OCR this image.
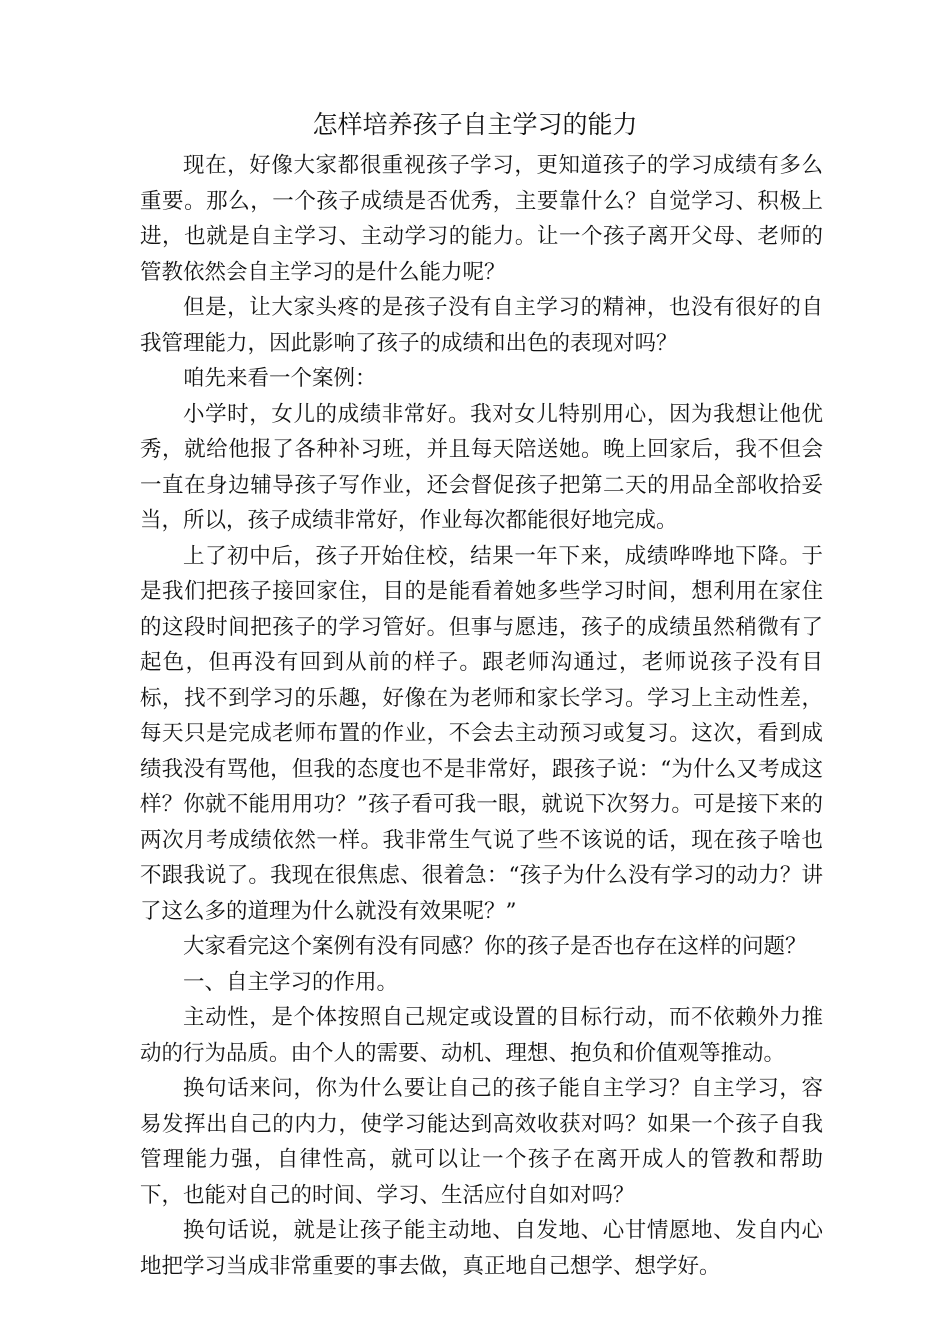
怎样培养孩子自主学习的能力

现在，好像大家都很重视孩子学习，更知道孩子的学习成绩有多么重要。那么，一个孩子成绩是否优秀，主要靠什么？自觉学习、积极上进，也就是自主学习、主动学习的能力。让一个孩子离开父母、老师的管教依然会自主学习的是什么能力呢？

但是，让大家头疼的是孩子没有自主学习的精神，也没有很好的自我管理能力，因此影响了孩子的成绩和出色的表现对吗？

咱先来看一个案例：

小学时，女儿的成绩非常好。我对女儿特别用心，因为我想让他优秀，就给他报了各种补习班，并且每天陪送她。晚上回家后，我不但会一直在身边辅导孩子写作业，还会督促孩子把第二天的用品全部收拾妥当，所以，孩子成绩非常好，作业每次都能很好地完成。

上了初中后，孩子开始住校，结果一年下来，成绩哗哗地下降。于是我们把孩子接回家住，目的是能看着她多些学习时间，想利用在家住的这段时间把孩子的学习管好。但事与愿违，孩子的成绩虽然稍微有了起色，但再没有回到从前的样子。跟老师沟通过，老师说孩子没有目标，找不到学习的乐趣，好像在为老师和家长学习。学习上主动性差，每天只是完成老师布置的作业，不会去主动预习或复习。这次，看到成绩我没有骂他，但我的态度也不是非常好，跟孩子说：“为什么又考成这样？你就不能用用功？”孩子看可我一眼，就说下次努力。可是接下来的两次月考成绩依然一样。我非常生气说了些不该说的话，现在孩子啥也不跟我说了。我现在很焦虑、很着急：“孩子为什么没有学习的动力？讲了这么多的道理为什么就没有效果呢？”

大家看完这个案例有没有同感？你的孩子是否也存在这样的问题？

一、自主学习的作用。

主动性，是个体按照自己规定或设置的目标行动，而不依赖外力推动的行为品质。由个人的需要、动机、理想、抱负和价值观等推动。

换句话来问，你为什么要让自己的孩子能自主学习？自主学习，容易发挥出自己的内力，使学习能达到高效收获对吗？如果一个孩子自我管理能力强，自律性高，就可以让一个孩子在离开成人的管教和帮助下，也能对自己的时间、学习、生活应付自如对吗？

换句话说，就是让孩子能主动地、自发地、心甘情愿地、发自内心地把学习当成非常重要的事去做，真正地自己想学、想学好。
